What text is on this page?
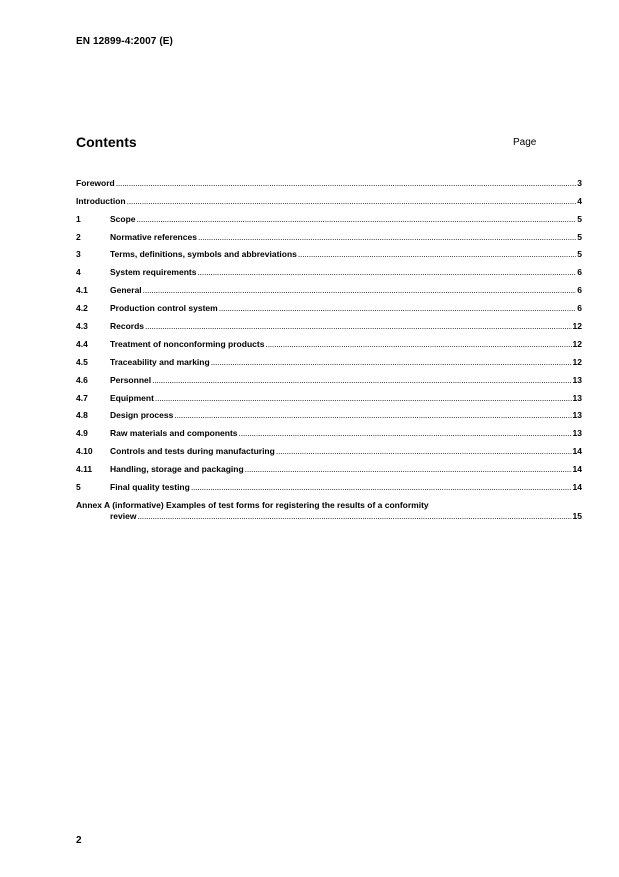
EN 12899-4:2007 (E)
Contents	Page
Foreword .....	3
Introduction .....	4
1	Scope .....	5
2	Normative references .....	5
3	Terms, definitions, symbols and abbreviations .....	5
4	System requirements .....	6
4.1	General .....	6
4.2	Production control system .....	6
4.3	Records .....	12
4.4	Treatment of nonconforming products .....	12
4.5	Traceability and marking .....	12
4.6	Personnel .....	13
4.7	Equipment .....	13
4.8	Design process .....	13
4.9	Raw materials and components .....	13
4.10	Controls and tests during manufacturing .....	14
4.11	Handling, storage and packaging .....	14
5	Final quality testing .....	14
Annex A (informative) Examples of test forms for registering the results of a conformity
review .....	15
2
